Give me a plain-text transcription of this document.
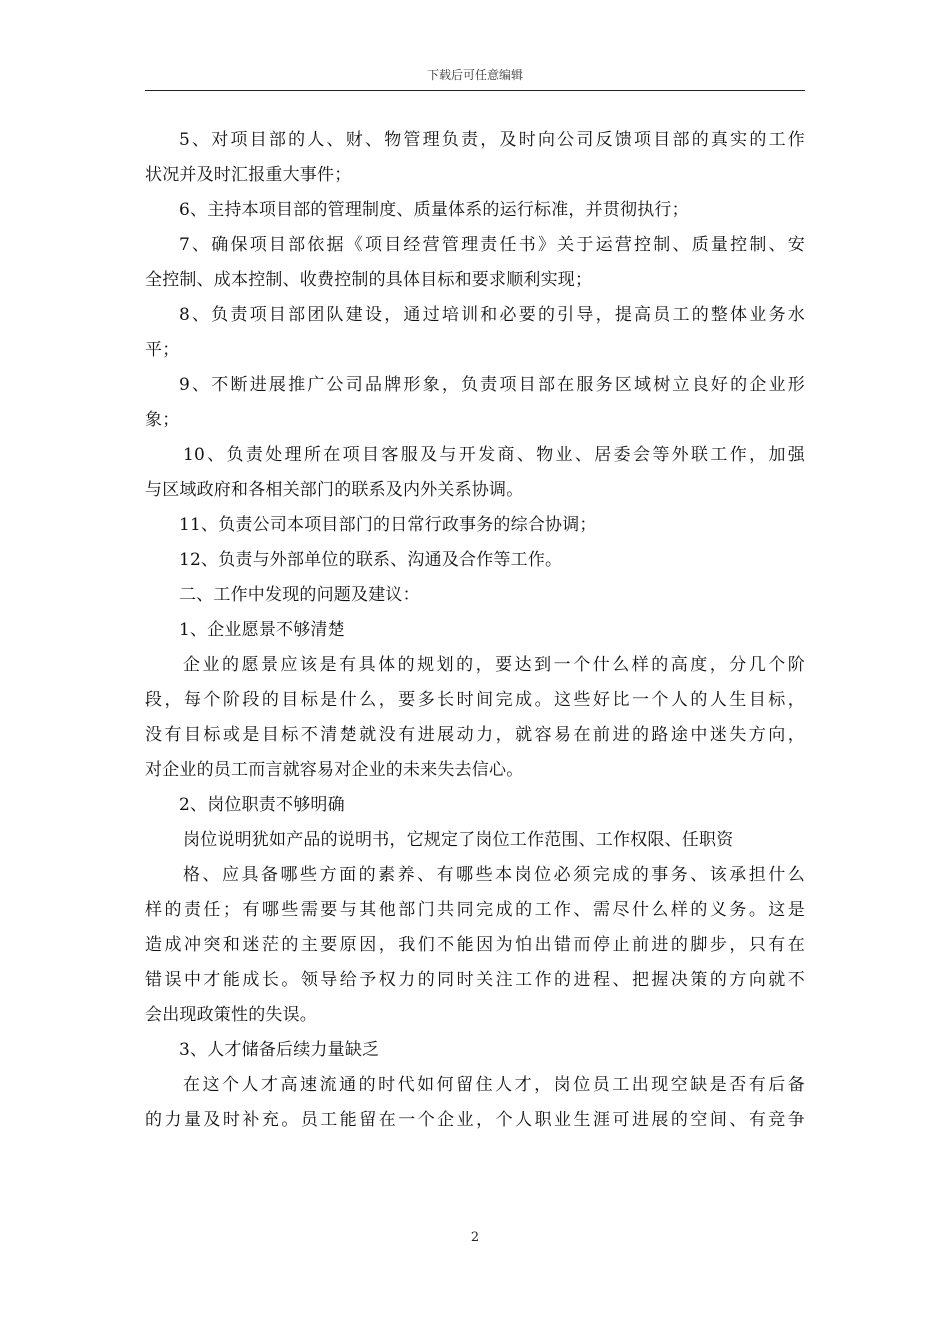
下载后可任意编辑
5、对项目部的人、财、物管理负责，及时向公司反馈项目部的真实的工作
状况并及时汇报重大事件；
6、主持本项目部的管理制度、质量体系的运行标准，并贯彻执行；
7、确保项目部依据《项目经营管理责任书》关于运营控制、质量控制、安
全控制、成本控制、收费控制的具体目标和要求顺利实现；
8、负责项目部团队建设，通过培训和必要的引导，提高员工的整体业务水
平；
9、不断进展推广公司品牌形象，负责项目部在服务区域树立良好的企业形
象；
10、负责处理所在项目客服及与开发商、物业、居委会等外联工作，加强
与区域政府和各相关部门的联系及内外关系协调。
11、负责公司本项目部门的日常行政事务的综合协调；
12、负责与外部单位的联系、沟通及合作等工作。
二、工作中发现的问题及建议：
1、企业愿景不够清楚
企业的愿景应该是有具体的规划的，要达到一个什么样的高度，分几个阶
段，每个阶段的目标是什么，要多长时间完成。这些好比一个人的人生目标，
没有目标或是目标不清楚就没有进展动力，就容易在前进的路途中迷失方向，
对企业的员工而言就容易对企业的未来失去信心。
2、岗位职责不够明确
岗位说明犹如产品的说明书，它规定了岗位工作范围、工作权限、任职资
格、应具备哪些方面的素养、有哪些本岗位必须完成的事务、该承担什么
样的责任；有哪些需要与其他部门共同完成的工作、需尽什么样的义务。这是
造成冲突和迷茫的主要原因，我们不能因为怕出错而停止前进的脚步，只有在
错误中才能成长。领导给予权力的同时关注工作的进程、把握决策的方向就不
会出现政策性的失误。
3、人才储备后续力量缺乏
在这个人才高速流通的时代如何留住人才，岗位员工出现空缺是否有后备
的力量及时补充。员工能留在一个企业，个人职业生涯可进展的空间、有竞争
2
